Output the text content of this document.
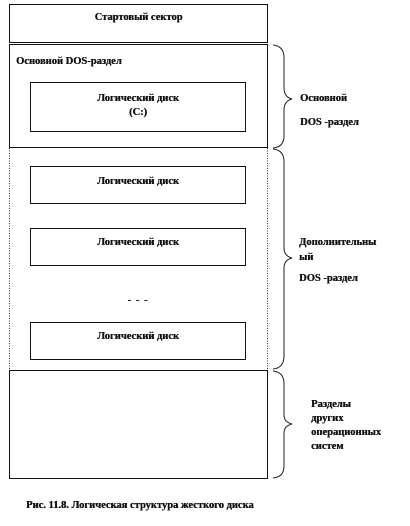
Стартовый сектор
Основной DOS-раздел
Логический диск
(C:)
Логический диск
Логический диск
- - -
Логический диск
Основной
DOS -раздел
Дополнительны
ый
DOS -раздел
Разделы
других
операционных
систем
Рис. 11.8. Логическая структура жесткого диска
